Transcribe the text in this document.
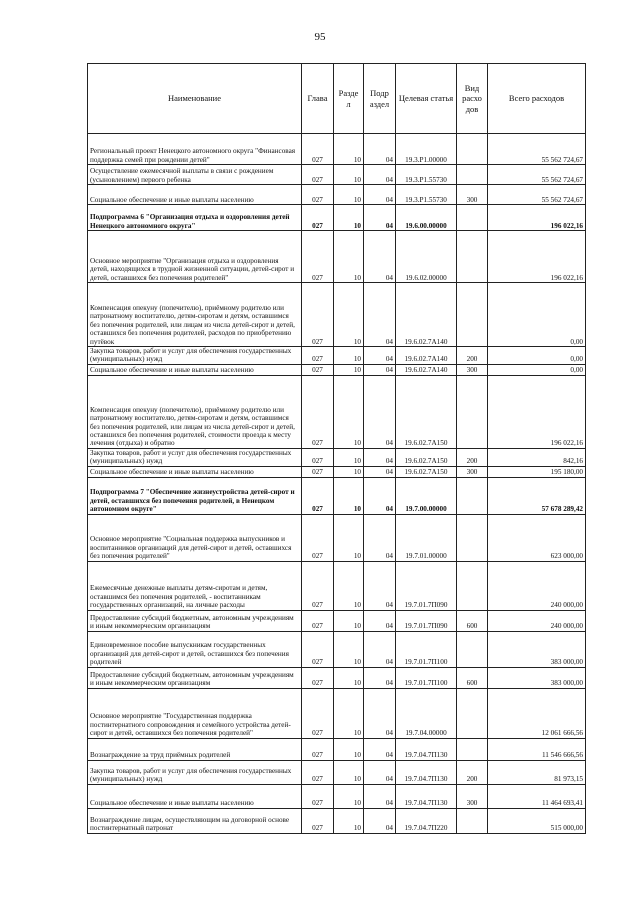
95
Наименование	Глава	Разде л	Подр аздел	Целевая статья	Вид расхо дов	Всего расходов
Региональный проект Ненецкого автономного округа "Финансовая поддержка семей при рождении детей"	027	10	04	19.3.P1.00000		55 562 724,67
Осуществление ежемесячной выплаты в связи с рождением (усыновлением) первого ребенка	027	10	04	19.3.P1.55730		55 562 724,67
Социальное обеспечение и иные выплаты населению	027	10	04	19.3.P1.55730	300	55 562 724,67
Подпрограмма 6 "Организация отдыха и оздоровления детей Ненецкого автономного округа"	027	10	04	19.6.00.00000		196 022,16
Основное мероприятие "Организация отдыха и оздоровления детей, находящихся в трудной жизненной ситуации, детей-сирот и детей, оставшихся без попечения родителей"	027	10	04	19.6.02.00000		196 022,16
Компенсация опекуну (попечителю), приёмному родителю или патронатному воспитателю, детям-сиротам и детям, оставшимся без попечения родителей, или лицам из числа детей-сирот и детей, оставшихся без попечения родителей, расходов по приобретению путёвок	027	10	04	19.6.02.7А140		0,00
Закупка товаров, работ и услуг для обеспечения государственных (муниципальных) нужд	027	10	04	19.6.02.7А140	200	0,00
Социальное обеспечение и иные выплаты населению	027	10	04	19.6.02.7А140	300	0,00
Компенсация опекуну (попечителю), приёмному родителю или патронатному воспитателю, детям-сиротам и детям, оставшимся без попечения родителей, или лицам из числа детей-сирот и детей, оставшихся без попечения родителей, стоимости проезда к месту лечения (отдыха) и обратно	027	10	04	19.6.02.7А150		196 022,16
Закупка товаров, работ и услуг для обеспечения государственных (муниципальных) нужд	027	10	04	19.6.02.7А150	200	842,16
Социальное обеспечение и иные выплаты населению	027	10	04	19.6.02.7А150	300	195 180,00
Подпрограмма 7 "Обеспечение жизнеустройства детей-сирот и детей, оставшихся без попечения родителей, в Ненецком автономном округе"	027	10	04	19.7.00.00000		57 678 289,42
Основное мероприятие "Социальная поддержка выпускников и воспитанников организаций для детей-сирот и детей, оставшихся без попечения родителей"	027	10	04	19.7.01.00000		623 000,00
Ежемесячные денежные выплаты детям-сиротам и детям, оставшимся без попечения родителей, - воспитанникам государственных организаций, на личные расходы	027	10	04	19.7.01.7П090		240 000,00
Предоставление субсидий бюджетным, автономным учреждениям и иным некоммерческим организациям	027	10	04	19.7.01.7П090	600	240 000,00
Единовременное пособие выпускникам государственных организаций для детей-сирот и детей, оставшихся без попечения родителей	027	10	04	19.7.01.7П100		383 000,00
Предоставление субсидий бюджетным, автономным учреждениям и иным некоммерческим организациям	027	10	04	19.7.01.7П100	600	383 000,00
Основное мероприятие "Государственная поддержка постинтернатного сопровождения и семейного устройства детей-сирот и детей, оставшихся без попечения родителей"	027	10	04	19.7.04.00000		12 061 666,56
Вознаграждение за труд приёмных родителей	027	10	04	19.7.04.7П130		11 546 666,56
Закупка товаров, работ и услуг для обеспечения государственных (муниципальных) нужд	027	10	04	19.7.04.7П130	200	81 973,15
Социальное обеспечение и иные выплаты населению	027	10	04	19.7.04.7П130	300	11 464 693,41
Вознаграждение лицам, осуществляющим на договорной основе постинтернатный патронат	027	10	04	19.7.04.7П220		515 000,00
